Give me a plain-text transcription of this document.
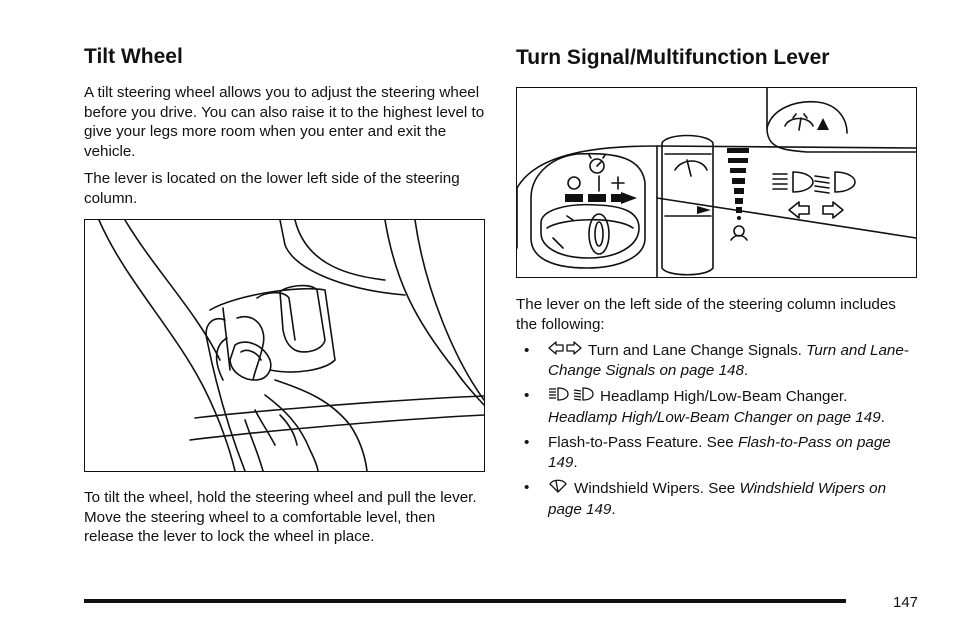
Tilt Wheel

A tilt steering wheel allows you to adjust the steering wheel before you drive. You can also raise it to the highest level to give your legs more room when you enter and exit the vehicle.

The lever is located on the lower left side of the steering column.

To tilt the wheel, hold the steering wheel and pull the lever. Move the steering wheel to a comfortable level, then release the lever to lock the wheel in place.

Turn Signal/Multifunction Lever

The lever on the left side of the steering column includes the following:

•	Turn and Lane Change Signals. Turn and Lane-Change Signals on page 148.
•	Headlamp High/Low-Beam Changer. Headlamp High/Low-Beam Changer on page 149.
• Flash-to-Pass Feature. See Flash-to-Pass on page 149.
•	Windshield Wipers. See Windshield Wipers on page 149.
147
